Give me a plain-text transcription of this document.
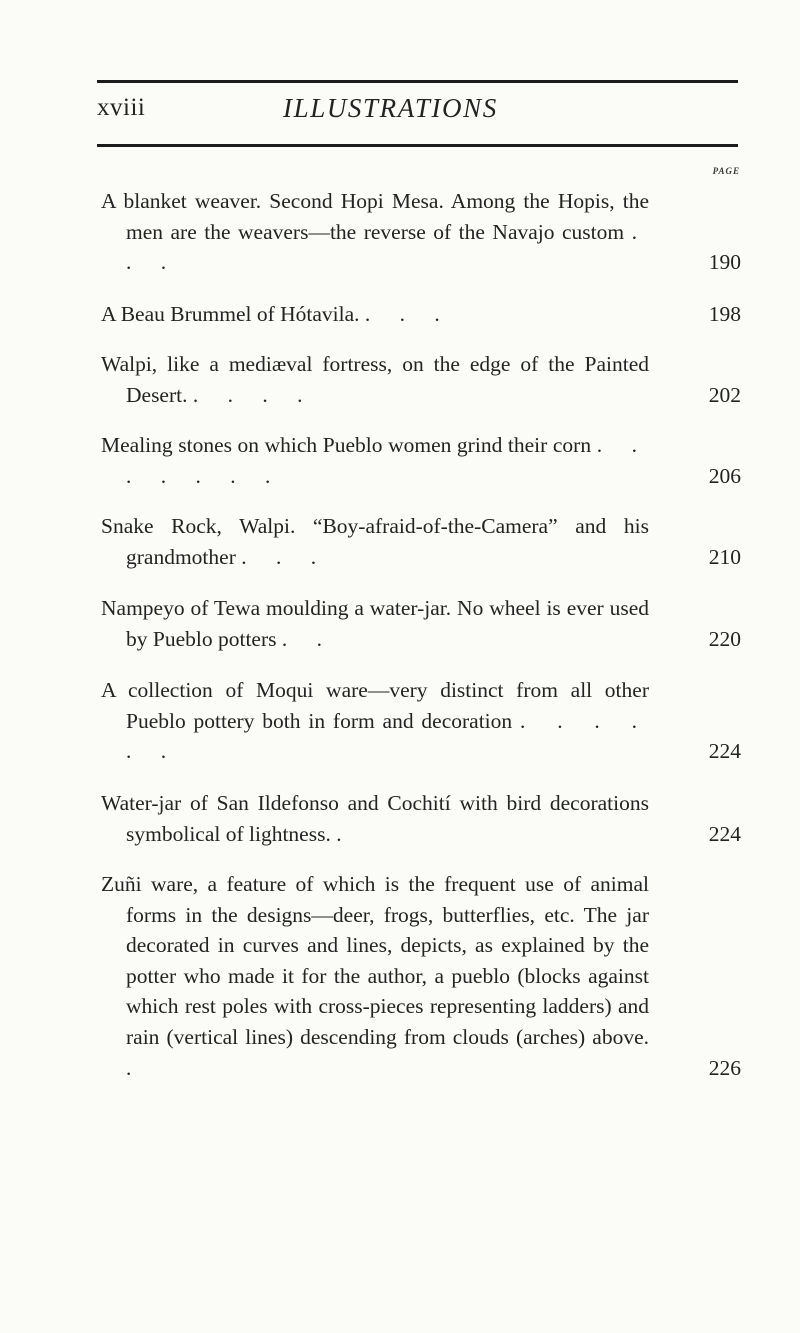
xviii	ILLUSTRATIONS
PAGE
A blanket weaver. Second Hopi Mesa. Among the Hopis, the men are the weavers—the reverse of the Navajo custom . . .	190
A Beau Brummel of Hótavila. . . .	198
Walpi, like a mediæval fortress, on the edge of the Painted Desert. . . . .	202
Mealing stones on which Pueblo women grind their corn . . . . . . .	206
Snake Rock, Walpi. “Boy-afraid-of-the-Camera” and his grandmother . . .	210
Nampeyo of Tewa moulding a water-jar. No wheel is ever used by Pueblo potters . .	220
A collection of Moqui ware—very distinct from all other Pueblo pottery both in form and decoration . . . . . .	224
Water-jar of San Ildefonso and Cochití with bird decorations symbolical of lightness. .	224
Zuñi ware, a feature of which is the frequent use of animal forms in the designs—deer, frogs, butterflies, etc. The jar decorated in curves and lines, depicts, as explained by the potter who made it for the author, a pueblo (blocks against which rest poles with cross-pieces representing ladders) and rain (vertical lines) descending from clouds (arches) above. .	226
